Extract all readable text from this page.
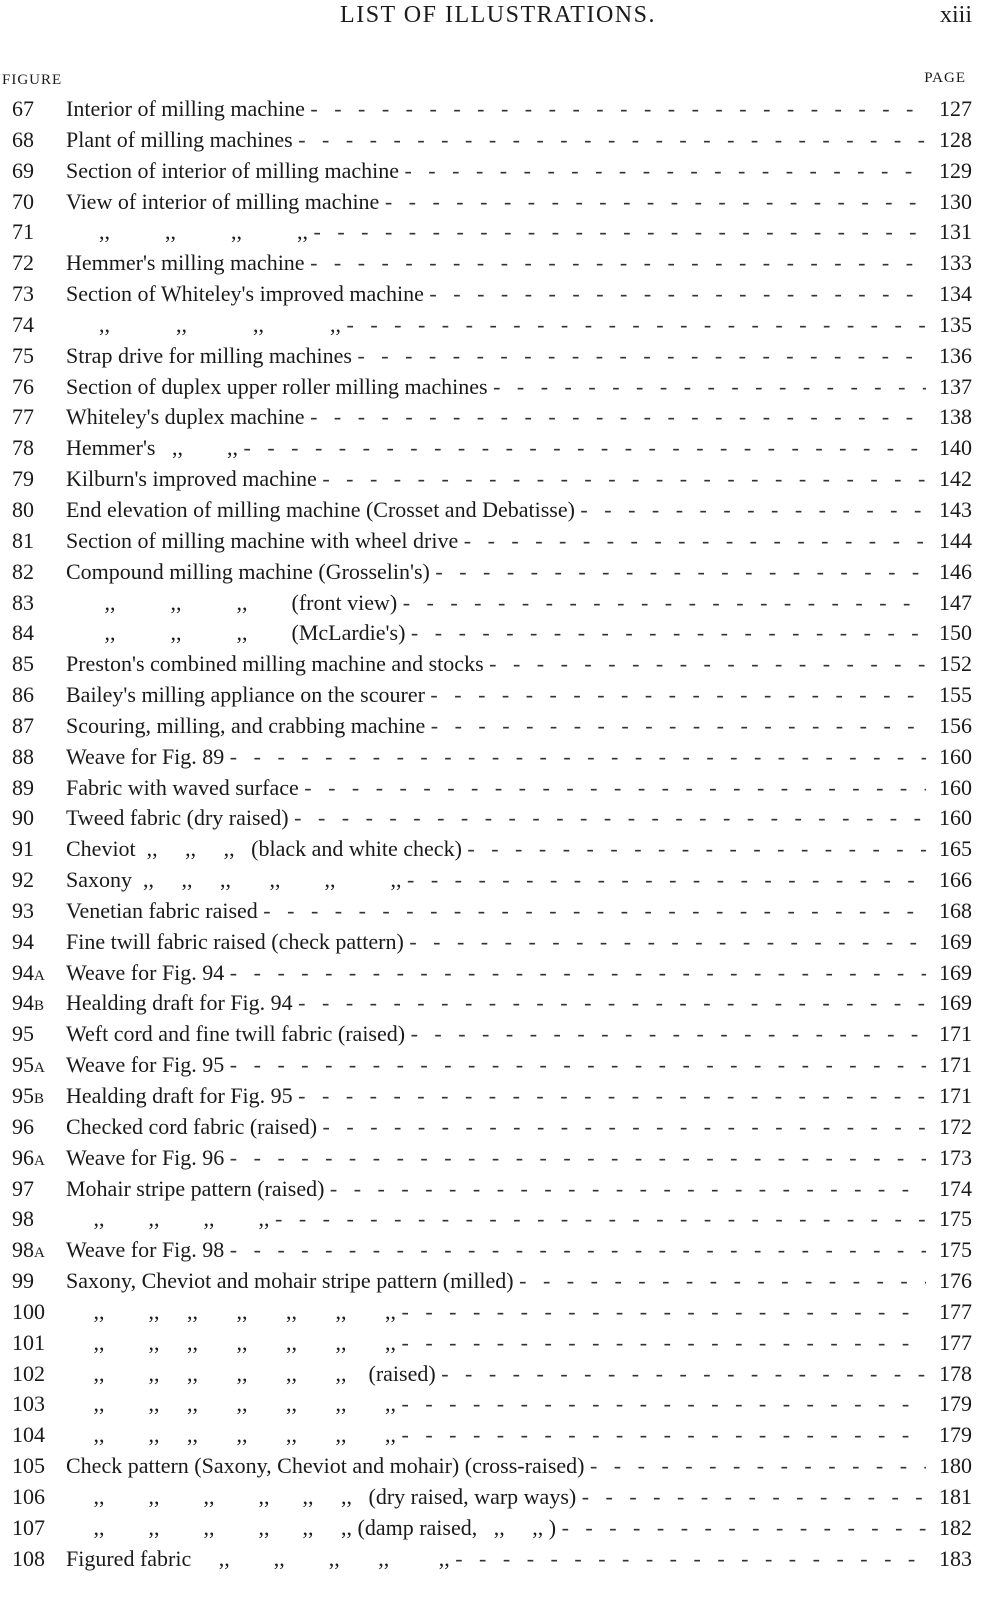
LIST OF ILLUSTRATIONS.	xiii
FIGURE	PAGE
67	Interior of milling machine -   -	127
68	Plant of milling machines -   -	128
69	Section of interior of milling machine -   -	129
70	View of interior of milling machine -   -	130
71	,,          ,,          ,,          ,, -   -	131
72	Hemmer's milling machine -   -	133
73	Section of Whiteley's improved machine -   -	134
74	,,            ,,            ,,            ,, -   -	135
75	Strap drive for milling machines -   -	136
76	Section of duplex upper roller milling machines -   -	137
77	Whiteley's duplex machine -   -	138
78	Hemmer's   ,,        ,, -   -	140
79	Kilburn's improved machine -   -	142
80	End elevation of milling machine (Crosset and Debatisse) -   -	143
81	Section of milling machine with wheel drive -   -	144
82	Compound milling machine (Grosselin's) -   -	146
83	,,          ,,          ,,        (front view) -   -	147
84	,,          ,,          ,,        (McLardie's) -   -	150
85	Preston's combined milling machine and stocks -   -	152
86	Bailey's milling appliance on the scourer -   -	155
87	Scouring, milling, and crabbing machine -   -	156
88	Weave for Fig. 89 -   -	160
89	Fabric with waved surface -   -	160
90	Tweed fabric (dry raised) -   -	160
91	Cheviot  ,,     ,,     ,,   (black and white check) -   -	165
92	Saxony  ,,     ,,     ,,       ,,        ,,          ,, -   -	166
93	Venetian fabric raised -   -	168
94	Fine twill fabric raised (check pattern) -   -	169
94A Weave for Fig. 94 -   -	169
94B Healding draft for Fig. 94 -   -	169
95	Weft cord and fine twill fabric (raised) -   -	171
95A Weave for Fig. 95 -   -	171
95B Healding draft for Fig. 95 -   -	171
96	Checked cord fabric (raised) -   -	172
96A Weave for Fig. 96 -   -	173
97	Mohair stripe pattern (raised) -   -	174
98	,,        ,,        ,,        ,, -   -	175
98A Weave for Fig. 98 -   -	175
99	Saxony, Cheviot and mohair stripe pattern (milled) -   -	176
100 ,,        ,,     ,,       ,,       ,,       ,,       ,, -   -	177
101 ,,        ,,     ,,       ,,       ,,       ,,       ,, -   -	177
102 ,,        ,,     ,,       ,,       ,,       ,,    (raised) -   -	178
103 ,,        ,,     ,,       ,,       ,,       ,,       ,, -   -	179
104 ,,        ,,     ,,       ,,       ,,       ,,       ,, -   -	179
105 Check pattern (Saxony, Cheviot and mohair) (cross-raised) -   -	180
106 ,,        ,,        ,,        ,,      ,,     ,,   (dry raised, warp ways) -   -	181
107 ,,        ,,        ,,        ,,      ,,     ,, (damp raised,   ,,     ,, ) -   -	182
108 Figured fabric     ,,        ,,        ,,       ,,         ,, -   -	183
